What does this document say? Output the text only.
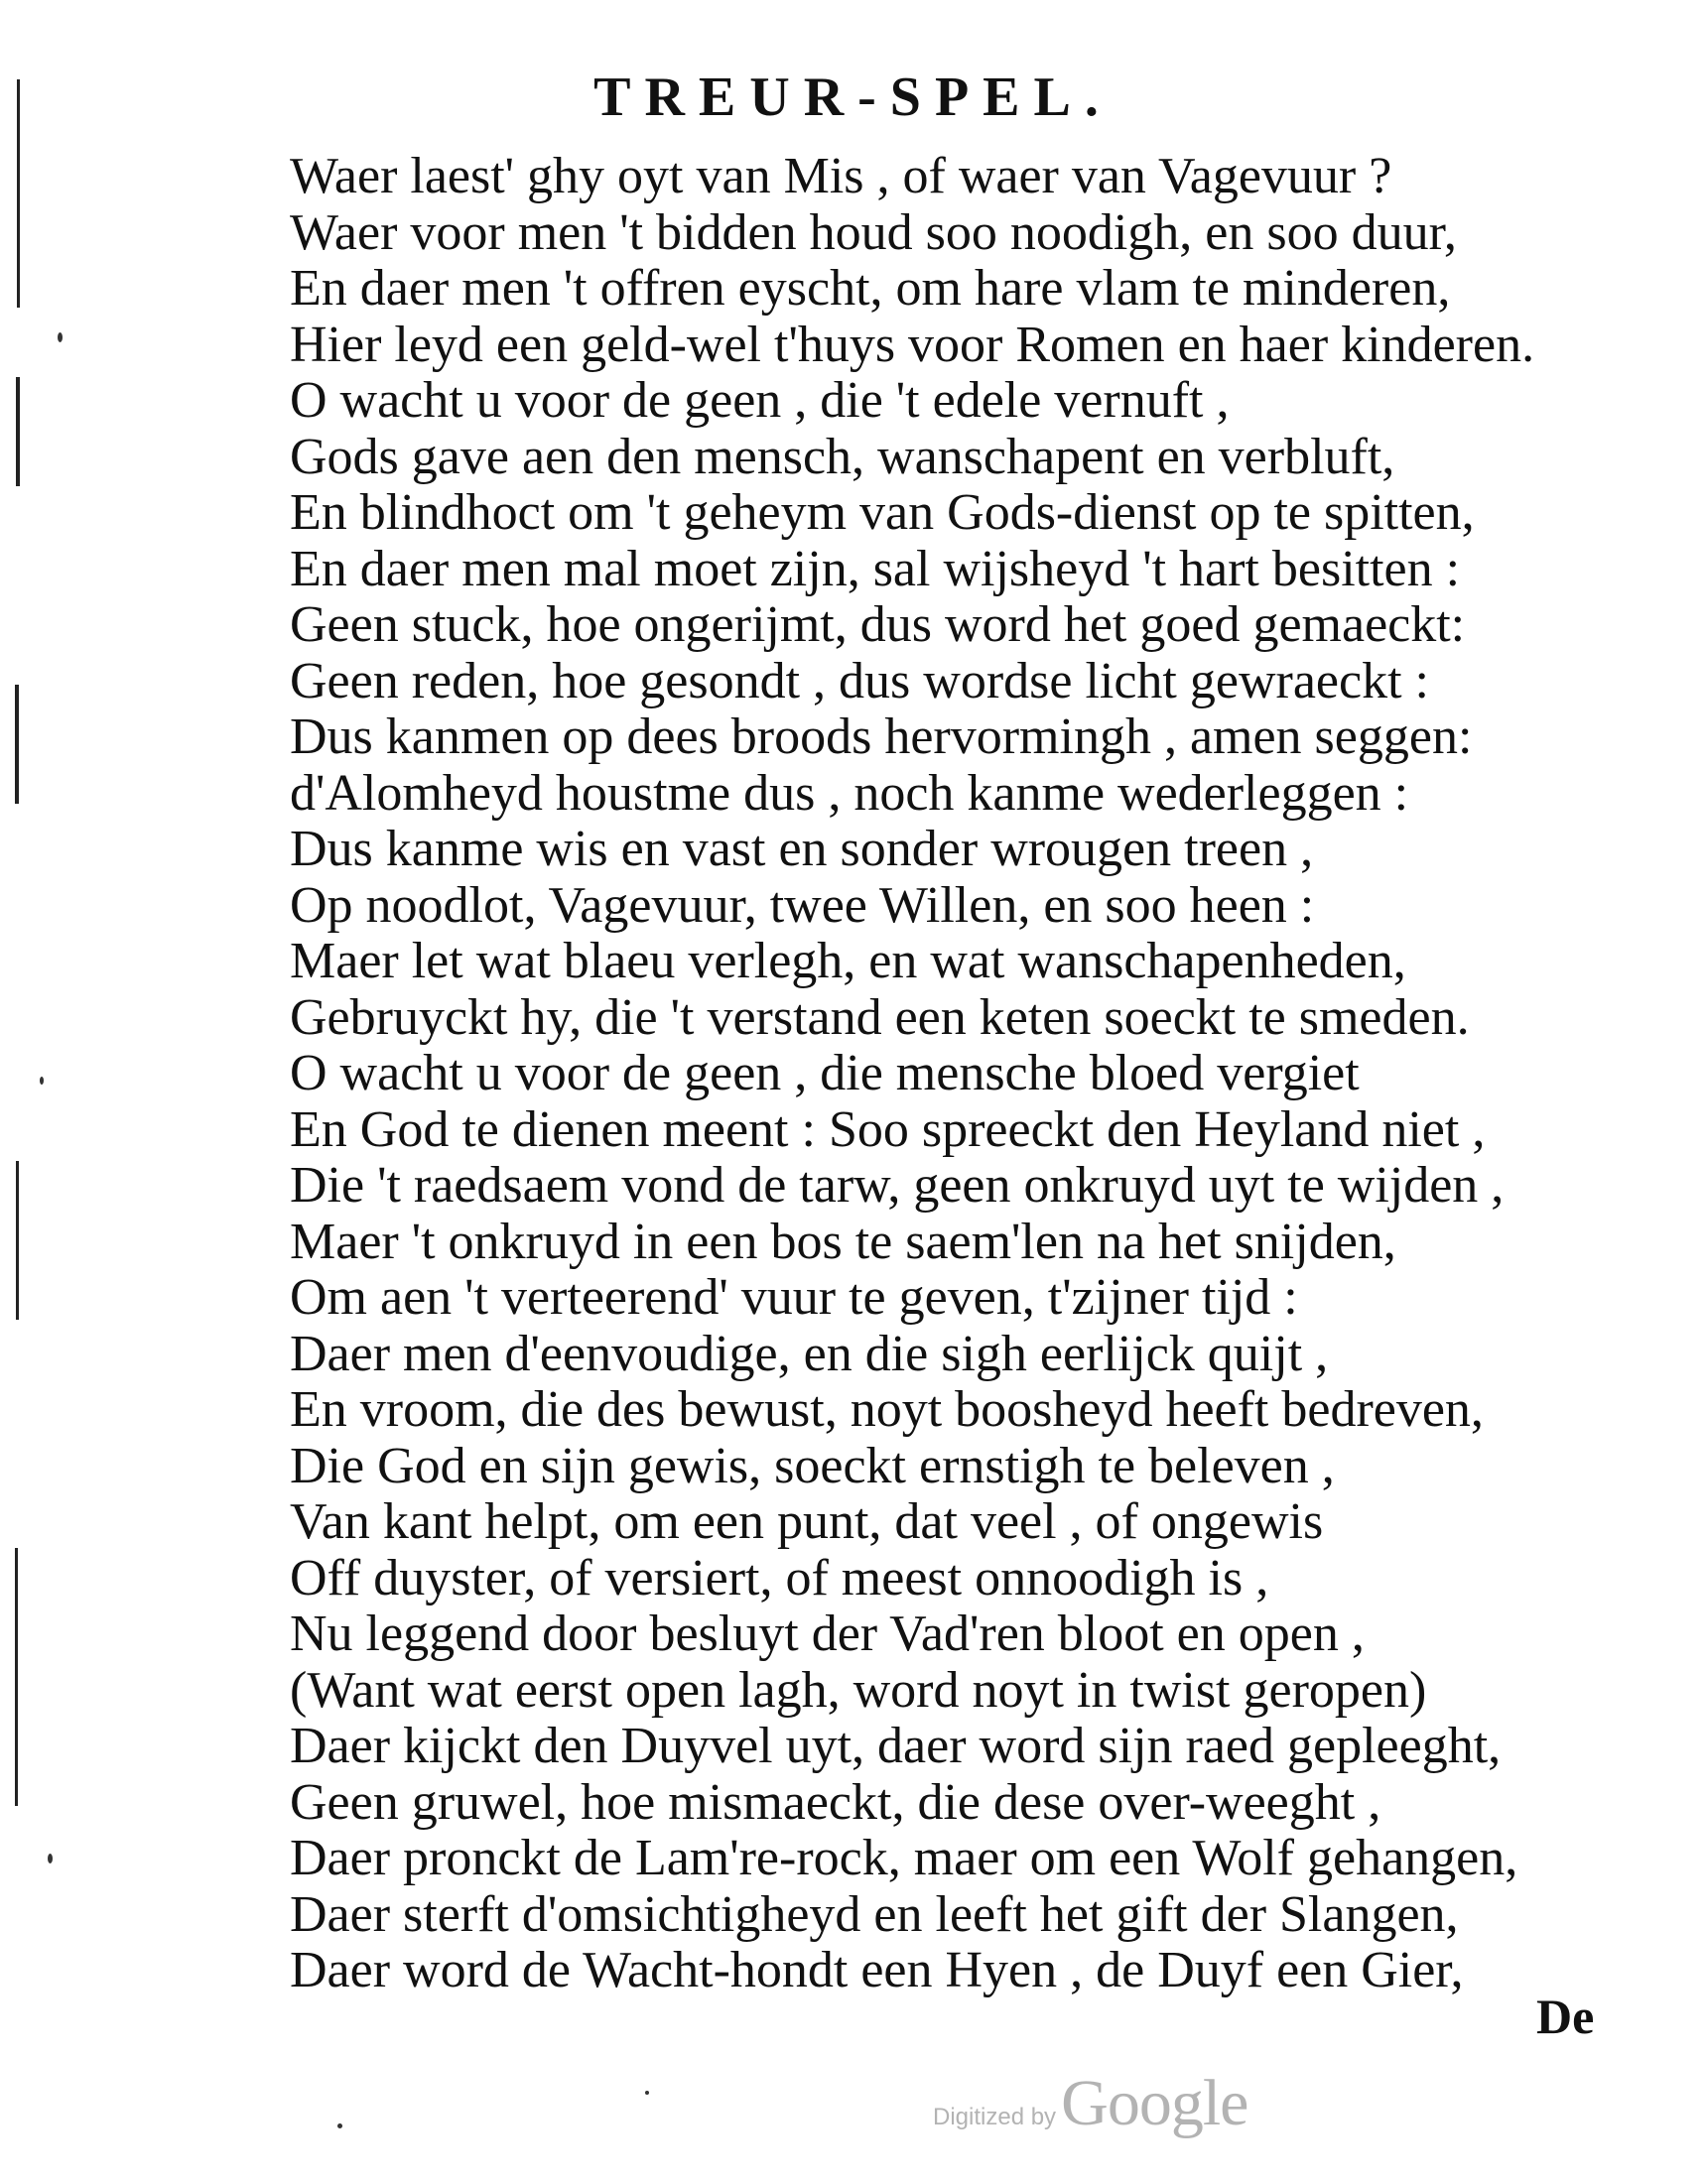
TREUR-SPEL.
Waer laest' ghy oyt van Mis , of waer van Vagevuur ?
Waer voor men 't bidden houd soo noodigh, en soo duur,
En daer men 't offren eyscht, om hare vlam te minderen,
Hier leyd een geld-wel t'huys voor Romen en haer kinderen.
O wacht u voor de geen , die 't edele vernuft ,
Gods gave aen den mensch, wanschapent en verbluft,
En blindhoct om 't geheym van Gods-dienst op te spitten,
En daer men mal moet zijn, sal wijsheyd 't hart besitten :
Geen stuck, hoe ongerijmt, dus word het goed gemaeckt:
Geen reden, hoe gesondt , dus wordse licht gewraeckt :
Dus kanmen op dees broods hervormingh , amen seggen:
d'Alomheyd houstme dus , noch kanme wederleggen :
Dus kanme wis en vast en sonder wrougen treen ,
Op noodlot, Vagevuur, twee Willen, en soo heen :
Maer let wat blaeu verlegh, en wat wanschapenheden,
Gebruyckt hy, die 't verstand een keten soeckt te smeden.
O wacht u voor de geen , die mensche bloed vergiet
En God te dienen meent : Soo spreeckt den Heyland niet ,
Die 't raedsaem vond de tarw, geen onkruyd uyt te wijden ,
Maer 't onkruyd in een bos te saem'len na het snijden,
Om aen 't verteerend' vuur te geven, t'zijner tijd :
Daer men d'eenvoudige, en die sigh eerlijck quijt ,
En vroom, die des bewust, noyt boosheyd heeft bedreven,
Die God en sijn gewis, soeckt ernstigh te beleven ,
Van kant helpt, om een punt, dat veel , of ongewis
Off duyster, of versiert, of meest onnoodigh is ,
Nu leggend door besluyt der Vad'ren bloot en open ,
(Want wat eerst open lagh, word noyt in twist geropen)
Daer kijckt den Duyvel uyt, daer word sijn raed gepleeght,
Geen gruwel, hoe mismaeckt, die dese over-weeght ,
Daer pronckt de Lam're-rock, maer om een Wolf gehangen,
Daer sterft d'omsichtigheyd en leeft het gift der Slangen,
Daer word de Wacht-hondt een Hyen , de Duyf een Gier,
De
Digitized by Google
